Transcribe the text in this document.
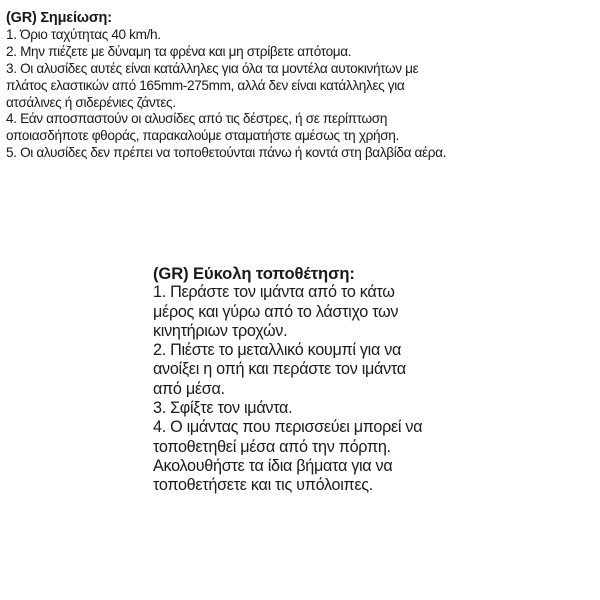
(GR) Σημείωση:
1. Όριο ταχύτητας 40 km/h.
2. Μην πιέζετε με δύναμη τα φρένα και μη στρίβετε απότομα.
3. Οι αλυσίδες αυτές είναι κατάλληλες για όλα τα μοντέλα αυτοκινήτων με
πλάτος ελαστικών από 165mm-275mm, αλλά δεν είναι κατάλληλες για
ατσάλινες ή σιδερένιες ζάντες.
4. Εάν αποσπαστούν οι αλυσίδες από τις δέστρες, ή σε περίπτωση
οποιασδήποτε φθοράς, παρακαλούμε σταματήστε αμέσως τη χρήση.
5. Οι αλυσίδες δεν πρέπει να τοποθετούνται πάνω ή κοντά στη βαλβίδα αέρα.
(GR) Εύκολη τοποθέτηση:
1. Περάστε τον ιμάντα από το κάτω
μέρος και γύρω από το λάστιχο των
κινητήριων τροχών.
2. Πιέστε το μεταλλικό κουμπί για να
ανοίξει η οπή και περάστε τον ιμάντα
από μέσα.
3. Σφίξτε τον ιμάντα.
4. Ο ιμάντας που περισσεύει μπορεί να
τοποθετηθεί μέσα από την πόρπη.
Ακολουθήστε τα ίδια βήματα για να
τοποθετήσετε και τις υπόλοιπες.
